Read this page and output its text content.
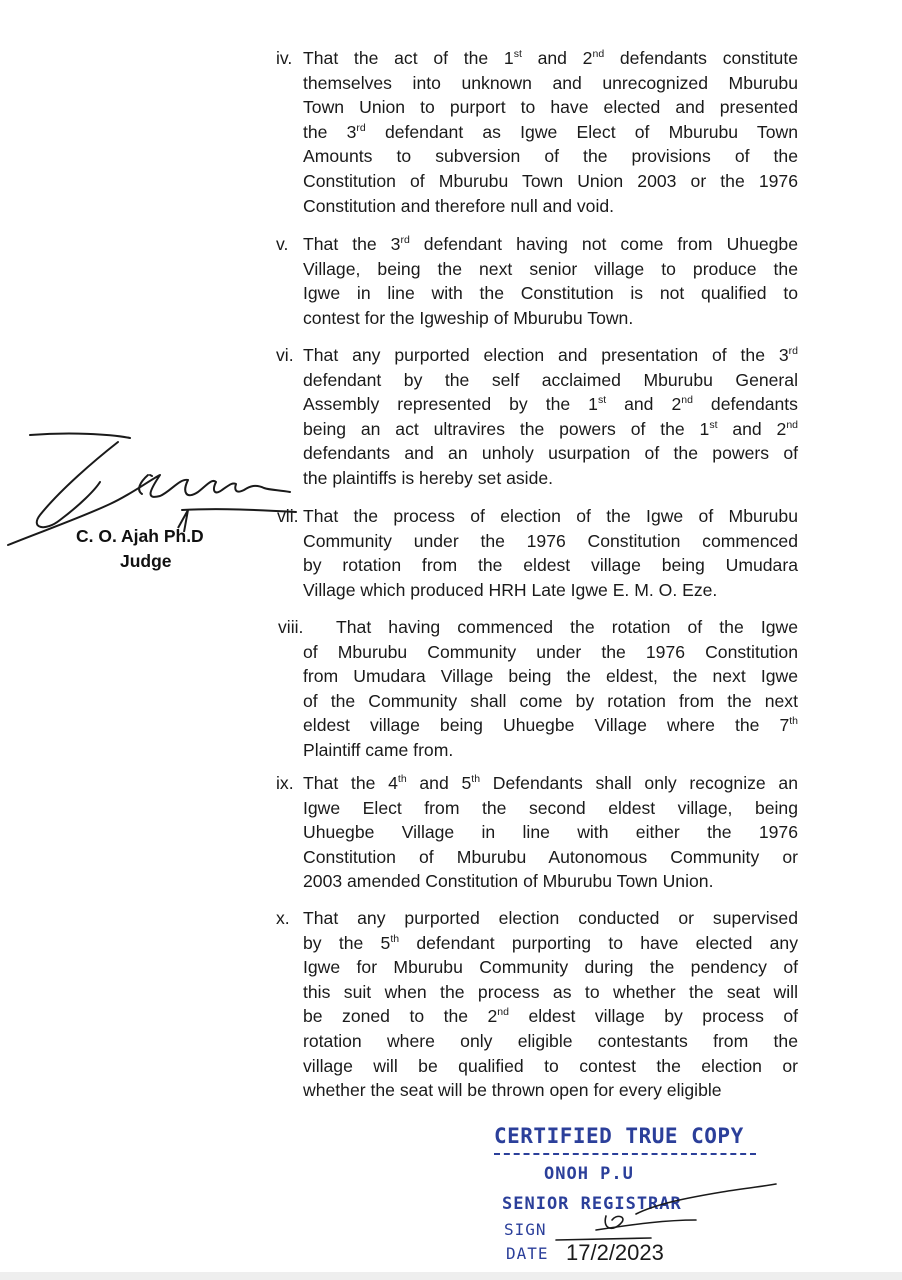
iv. That the act of the 1st and 2nd defendants constitute
themselves into unknown and unrecognized Mburubu
Town Union to purport to have elected and presented
the 3rd defendant as Igwe Elect of Mburubu Town
Amounts to subversion of the provisions of the
Constitution of Mburubu Town Union 2003 or the 1976
Constitution and therefore null and void.
v. That the 3rd defendant having not come from Uhuegbe
Village, being the next senior village to produce the
Igwe in line with the Constitution is not qualified to
contest for the Igweship of Mburubu Town.
vi. That any purported election and presentation of the 3rd
defendant by the self acclaimed Mburubu General
Assembly represented by the 1st and 2nd defendants
being an act ultravires the powers of the 1st and 2nd
defendants and an unholy usurpation of the powers of
the plaintiffs is hereby set aside.
vii. That the process of election of the Igwe of Mburubu
Community under the 1976 Constitution commenced
by rotation from the eldest village being Umudara
Village which produced HRH Late Igwe E. M. O. Eze.
viii.	That having commenced the rotation of the Igwe
of Mburubu Community under the 1976 Constitution
from Umudara Village being the eldest, the next Igwe
of the Community shall come by rotation from the next
eldest village being Uhuegbe Village where the 7th
Plaintiff came from.
ix. That the 4th and 5th Defendants shall only recognize an
Igwe Elect from the second eldest village, being
Uhuegbe Village in line with either the 1976
Constitution of Mburubu Autonomous Community or
2003 amended Constitution of Mburubu Town Union.
x. That any purported election conducted or supervised
by the 5th defendant purporting to have elected any
Igwe for Mburubu Community during the pendency of
this suit when the process as to whether the seat will
be zoned to the 2nd eldest village by process of
rotation where only eligible contestants from the
village will be qualified to contest the election or
whether the seat will be thrown open for every eligible
C. O. Ajah Ph.D
Judge
CERTIFIED TRUE COPY
ONOH P.U
SENIOR REGISTRAR
SIGN
DATE 17/2/2023
